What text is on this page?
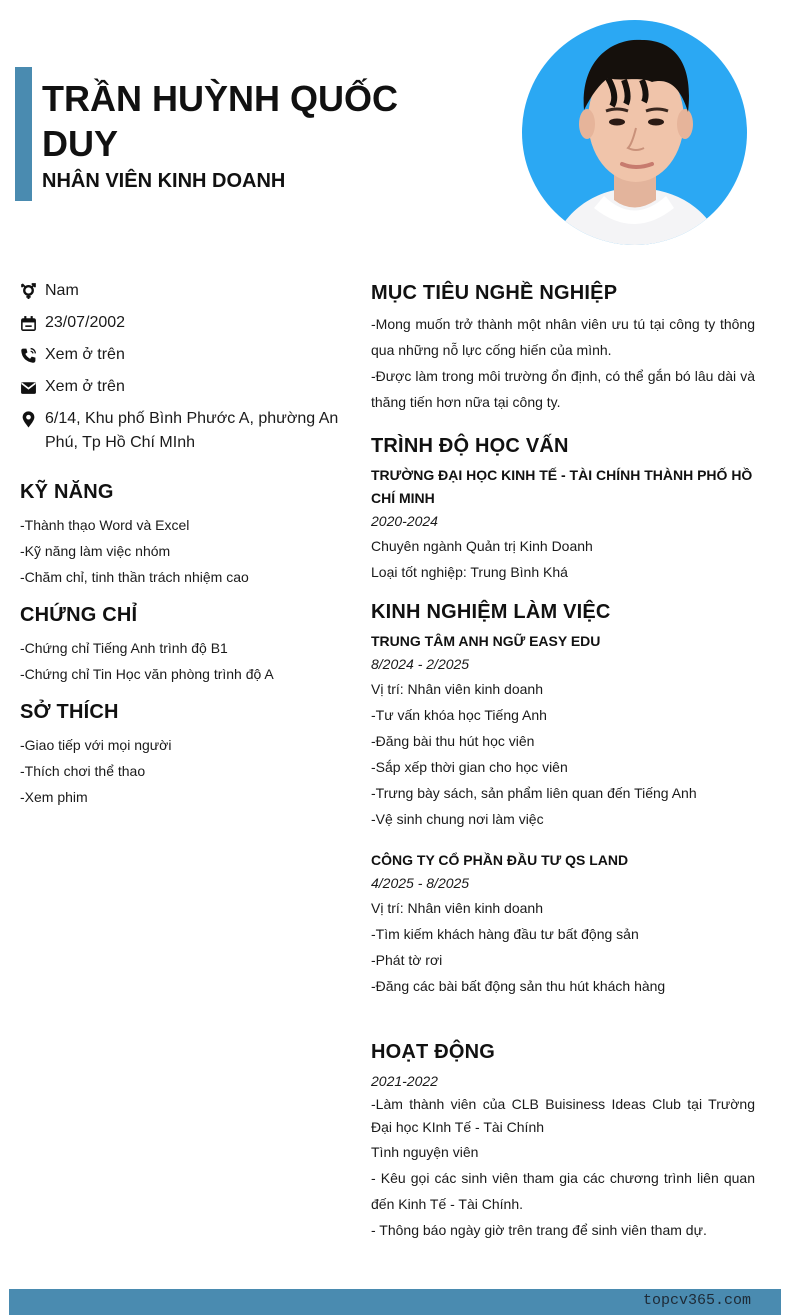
TRẦN HUỲNH QUỐC DUY
NHÂN VIÊN KINH DOANH
Nam
23/07/2002
Xem ở trên
Xem ở trên
6/14, Khu phố Bình Phước A, phường An Phú, Tp Hồ Chí MInh
KỸ NĂNG
-Thành thạo Word và Excel
-Kỹ năng làm việc nhóm
-Chăm chỉ, tinh thần trách nhiệm cao
CHỨNG CHỈ
-Chứng chỉ Tiếng Anh trình độ B1
-Chứng chỉ Tin Học văn phòng trình độ A
SỞ THÍCH
-Giao tiếp với mọi người
-Thích chơi thể thao
-Xem phim
MỤC TIÊU NGHỀ NGHIỆP
-Mong muốn trở thành một nhân viên ưu tú tại công ty thông qua những nỗ lực cống hiến của mình.
-Được làm trong môi trường ổn định, có thể gắn bó lâu dài và thăng tiến hơn nữa tại công ty.
TRÌNH ĐỘ HỌC VẤN
TRƯỜNG ĐẠI HỌC KINH TẾ - TÀI CHÍNH THÀNH PHỐ HỒ CHÍ MINH
2020-2024
Chuyên ngành Quản trị Kinh Doanh
Loại tốt nghiệp: Trung Bình Khá
KINH NGHIỆM LÀM VIỆC
TRUNG TÂM ANH NGỮ EASY EDU
8/2024 - 2/2025
Vị trí: Nhân viên kinh doanh
-Tư vấn khóa học Tiếng Anh
-Đăng bài thu hút học viên
-Sắp xếp thời gian cho học viên
-Trưng bày sách, sản phẩm liên quan đến Tiếng Anh
-Vệ sinh chung nơi làm việc
CÔNG TY CỔ PHẦN ĐẦU TƯ QS LAND
4/2025 - 8/2025
Vị trí: Nhân viên kinh doanh
-Tìm kiếm khách hàng đầu tư bất động sản
-Phát tờ rơi
-Đăng các bài bất động sản thu hút khách hàng
HOẠT ĐỘNG
2021-2022
-Làm thành viên của CLB Buisiness Ideas Club tại Trường Đại học KInh Tế - Tài Chính
Tình nguyện viên
- Kêu gọi các sinh viên tham gia các chương trình liên quan đến Kinh Tế - Tài Chính.
- Thông báo ngày giờ trên trang để sinh viên tham dự.
topcv365.com
